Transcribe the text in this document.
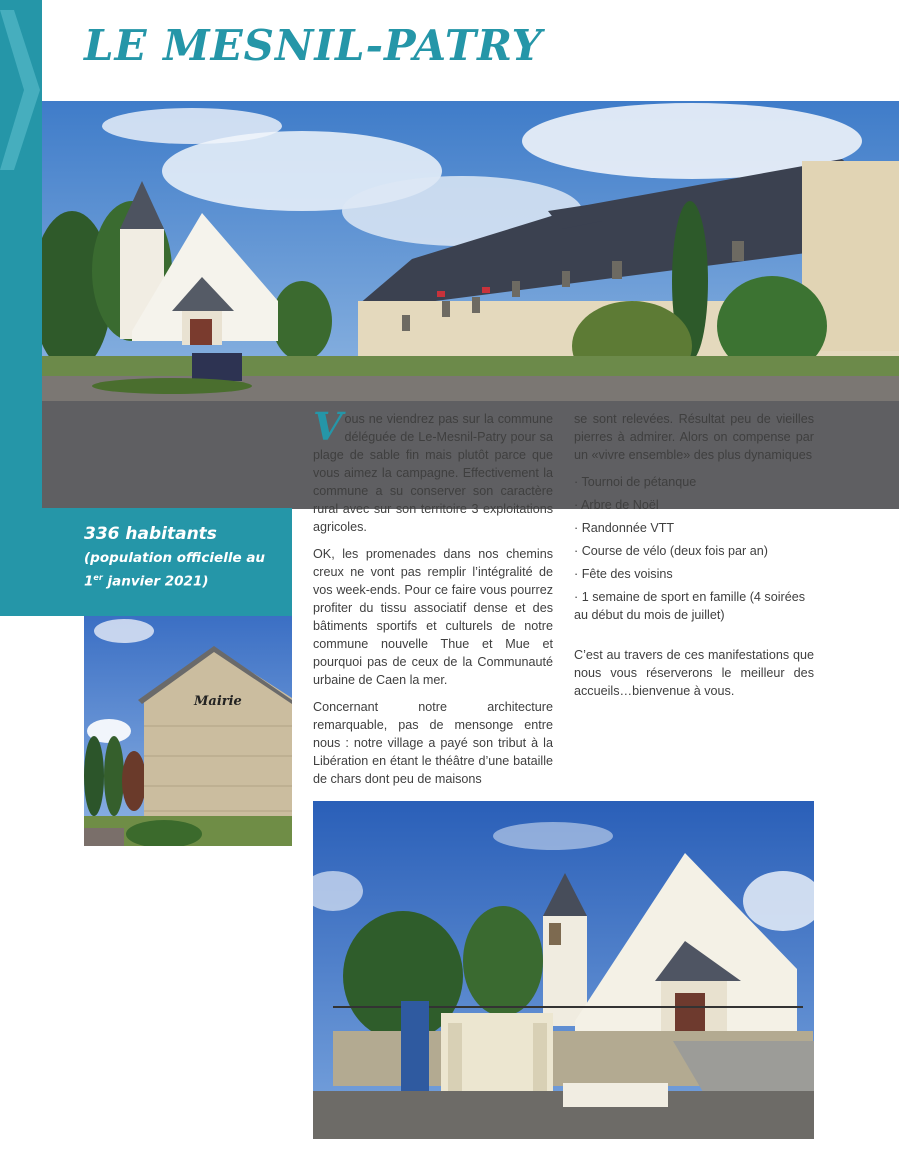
LE MESNIL-PATRY
336 habitants
(population officielle au 1er janvier 2021)
Mairie

Vous ne viendrez pas sur la commune déléguée de Le-Mesnil-Patry pour sa plage de sable fin mais plutôt parce que vous aimez la campagne. Effectivement la commune a su conserver son caractère rural avec sur son territoire 3 exploitations agricoles.

OK, les promenades dans nos chemins creux ne vont pas remplir l’intégralité de vos week-ends. Pour ce faire vous pourrez profiter du tissu associatif dense et des bâtiments sportifs et culturels de notre commune nouvelle Thue et Mue et pourquoi pas de ceux de la Communauté urbaine de Caen la mer.

Concernant notre architecture remarquable, pas de mensonge entre nous : notre village a payé son tribut à la Libération en étant le théâtre d’une bataille de chars dont peu de maisons

se sont relevées. Résultat peu de vieilles pierres à admirer. Alors on compense par un «vivre ensemble» des plus dynamiques

· Tournoi de pétanque
· Arbre de Noël
· Randonnée VTT
· Course de vélo (deux fois par an)
· Fête des voisins
· 1 semaine de sport en famille (4 soirées au début du mois de juillet)

C’est au travers de ces manifestations que nous vous réserverons le meilleur des accueils…bienvenue à vous.
